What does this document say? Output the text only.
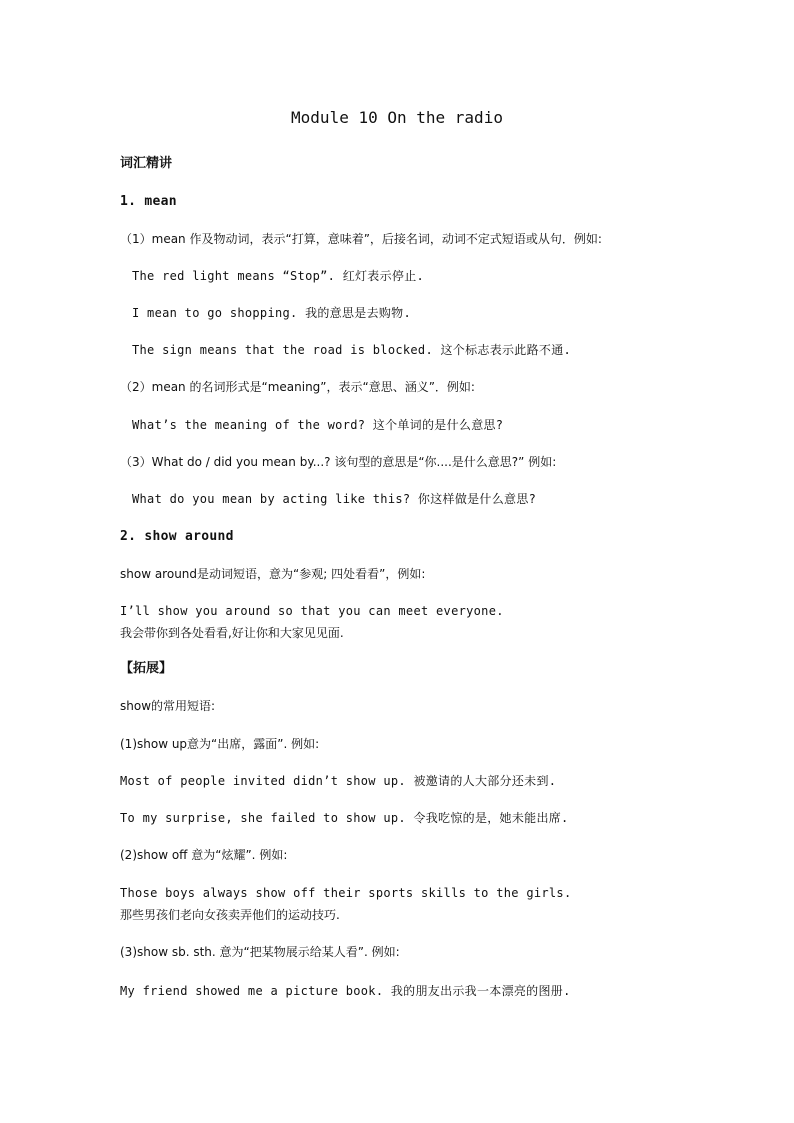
Module 10 On the radio
词汇精讲
1. mean
（1）mean 作及物动词，表示“打算，意味着”，后接名词，动词不定式短语或从句．例如:
The red light means “Stop”. 红灯表示停止.
I mean to go shopping. 我的意思是去购物.
The sign means that the road is blocked. 这个标志表示此路不通.
（2）mean 的名词形式是“meaning”，表示“意思、涵义”．例如:
What’s the meaning of the word? 这个单词的是什么意思?
（3）What do / did you mean by...? 该句型的意思是“你....是什么意思?” 例如:
What do you mean by acting like this? 你这样做是什么意思?
2. show around
show around是动词短语，意为“参观; 四处看看”，例如:
I’ll show you around so that you can meet everyone.
我会带你到各处看看,好让你和大家见见面.
【拓展】
show的常用短语:
(1)show up意为“出席，露面”. 例如:
Most of people invited didn’t show up. 被邀请的人大部分还未到.
To my surprise, she failed to show up. 令我吃惊的是，她未能出席.
(2)show off 意为“炫耀”. 例如:
Those boys always show off their sports skills to the girls.
那些男孩们老向女孩卖弄他们的运动技巧.
(3)show sb. sth. 意为“把某物展示给某人看”. 例如:
My friend showed me a picture book. 我的朋友出示我一本漂亮的图册.
